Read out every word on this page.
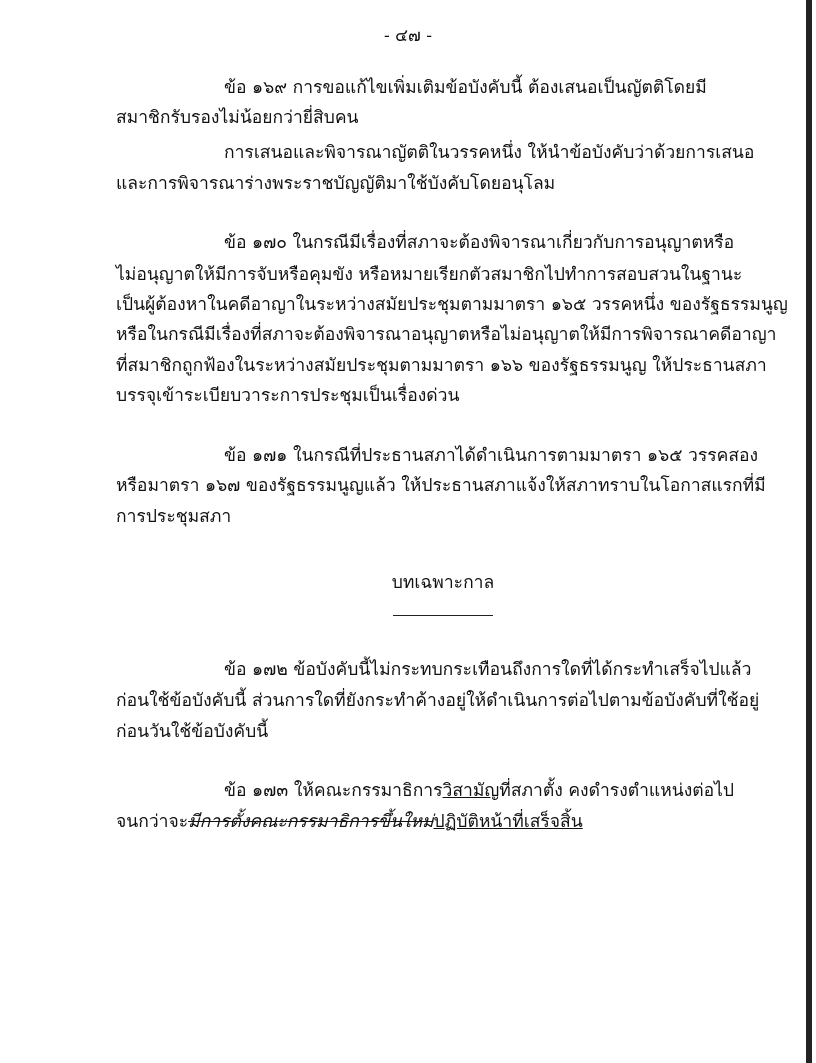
- ๔๗ -
ข้อ ๑๖๙ การขอแก้ไขเพิ่มเติมข้อบังคับนี้ ต้องเสนอเป็นญัตติโดยมี
สมาชิกรับรองไม่น้อยกว่ายี่สิบคน
การเสนอและพิจารณาญัตติในวรรคหนึ่ง ให้นำข้อบังคับว่าด้วยการเสนอ
และการพิจารณาร่างพระราชบัญญัติมาใช้บังคับโดยอนุโลม
ข้อ ๑๗๐ ในกรณีมีเรื่องที่สภาจะต้องพิจารณาเกี่ยวกับการอนุญาตหรือ
ไม่อนุญาตให้มีการจับหรือคุมขัง หรือหมายเรียกตัวสมาชิกไปทำการสอบสวนในฐานะ
เป็นผู้ต้องหาในคดีอาญาในระหว่างสมัยประชุมตามมาตรา ๑๖๕ วรรคหนึ่ง ของรัฐธรรมนูญ
หรือในกรณีมีเรื่องที่สภาจะต้องพิจารณาอนุญาตหรือไม่อนุญาตให้มีการพิจารณาคดีอาญา
ที่สมาชิกถูกฟ้องในระหว่างสมัยประชุมตามมาตรา ๑๖๖ ของรัฐธรรมนูญ ให้ประธานสภา
บรรจุเข้าระเบียบวาระการประชุมเป็นเรื่องด่วน
ข้อ ๑๗๑ ในกรณีที่ประธานสภาได้ดำเนินการตามมาตรา ๑๖๕ วรรคสอง
หรือมาตรา ๑๖๗ ของรัฐธรรมนูญแล้ว ให้ประธานสภาแจ้งให้สภาทราบในโอกาสแรกที่มี
การประชุมสภา
บทเฉพาะกาล
ข้อ ๑๗๒ ข้อบังคับนี้ไม่กระทบกระเทือนถึงการใดที่ได้กระทำเสร็จไปแล้ว
ก่อนใช้ข้อบังคับนี้ ส่วนการใดที่ยังกระทำค้างอยู่ให้ดำเนินการต่อไปตามข้อบังคับที่ใช้อยู่
ก่อนวันใช้ข้อบังคับนี้
ข้อ ๑๗๓ ให้คณะกรรมาธิการวิสามัญที่สภาตั้ง คงดำรงตำแหน่งต่อไป
จนกว่าจะมีการตั้งคณะกรรมาธิการขึ้นใหม่ปฏิบัติหน้าที่เสร็จสิ้น
